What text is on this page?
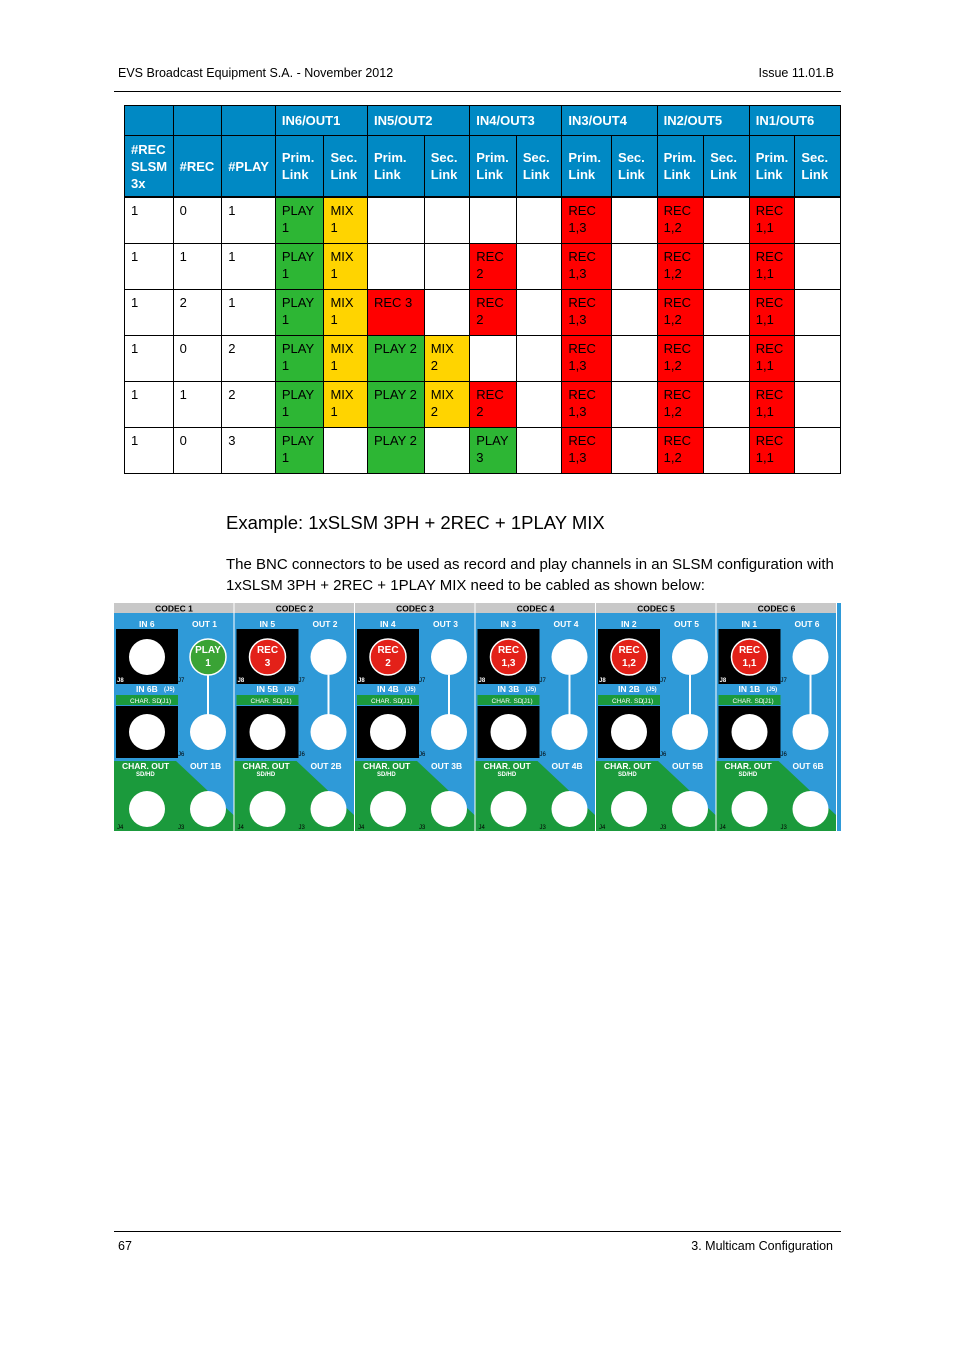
EVS Broadcast Equipment S.A. - November 2012	Issue 11.01.B
			IN6/OUT1		IN5/OUT2		IN4/OUT3		IN3/OUT4		IN2/OUT5		IN1/OUT6	
#REC SLSM 3x	#REC	#PLAY	Prim. Link	Sec. Link	Prim. Link	Sec. Link	Prim. Link	Sec. Link	Prim. Link	Sec. Link	Prim. Link	Sec. Link	Prim. Link	Sec. Link
1	0	1	PLAY 1	MIX 1					REC 1,3		REC 1,2		REC 1,1	
1	1	1	PLAY 1	MIX 1			REC 2		REC 1,3		REC 1,2		REC 1,1	
1	2	1	PLAY 1	MIX 1	REC 3		REC 2		REC 1,3		REC 1,2		REC 1,1	
1	0	2	PLAY 1	MIX 1	PLAY 2	MIX 2			REC 1,3		REC 1,2		REC 1,1	
1	1	2	PLAY 1	MIX 1	PLAY 2	MIX 2	REC 2		REC 1,3		REC 1,2		REC 1,1	
1	0	3	PLAY 1		PLAY 2		PLAY 3		REC 1,3		REC 1,2		REC 1,1	
Example: 1xSLSM 3PH + 2REC + 1PLAY MIX
The BNC connectors to be used as record and play channels in an SLSM configuration with 1xSLSM 3PH + 2REC + 1PLAY MIX need to be cabled as shown below:
CODEC 1
IN 6	OUT 1
J8	J7
PLAY
1
IN 6B (J5)
CHAR. SD
(J1)
J6
CHAR. OUT
SD/HD
OUT 1B
J4	J3
CODEC 2
IN 5	OUT 2
J8	J7
REC
3
IN 5B (J5)
CHAR. SD
(J1)
J6
CHAR. OUT
SD/HD
OUT 2B
J4	J3
CODEC 3
IN 4	OUT 3
J8	J7
REC
2
IN 4B (J5)
CHAR. SD
(J1)
J6
CHAR. OUT
SD/HD
OUT 3B
J4	J3
CODEC 4
IN 3	OUT 4
J8	J7
REC
1,3
IN 3B (J5)
CHAR. SD
(J1)
J6
CHAR. OUT
SD/HD
OUT 4B
J4	J3
CODEC 5
IN 2	OUT 5
J8	J7
REC
1,2
IN 2B (J5)
CHAR. SD
(J1)
J6
CHAR. OUT
SD/HD
OUT 5B
J4	J3
CODEC 6
IN 1	OUT 6
J8	J7
REC
1,1
IN 1B (J5)
CHAR. SD
(J1)
J6
CHAR. OUT
SD/HD
OUT 6B
J4	J3
67	3. Multicam Configuration
